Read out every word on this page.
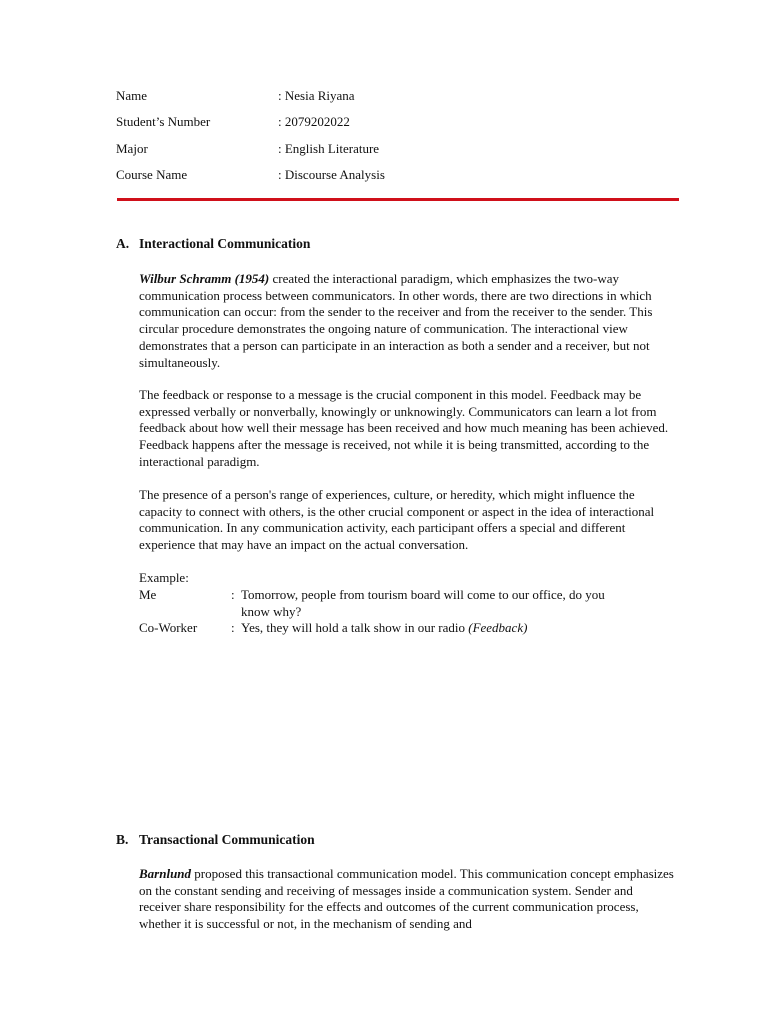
Name	: Nesia Riyana
Student’s Number	: 2079202022
Major	: English Literature
Course Name	: Discourse Analysis
A. Interactional Communication

Wilbur Schramm (1954) created the interactional paradigm, which emphasizes the two-way communication process between communicators. In other words, there are two directions in which communication can occur: from the sender to the receiver and from the receiver to the sender. This circular procedure demonstrates the ongoing nature of communication. The interactional view demonstrates that a person can participate in an interaction as both a sender and a receiver, but not simultaneously.

The feedback or response to a message is the crucial component in this model. Feedback may be expressed verbally or nonverbally, knowingly or unknowingly. Communicators can learn a lot from feedback about how well their message has been received and how much meaning has been achieved. Feedback happens after the message is received, not while it is being transmitted, according to the interactional paradigm.

The presence of a person's range of experiences, culture, or heredity, which might influence the capacity to connect with others, is the other crucial component or aspect in the idea of interactional communication. In any communication activity, each participant offers a special and different experience that may have an impact on the actual conversation.

Example:
Me	: Tomorrow, people from tourism board will come to our office, do you
know why?
Co-Worker	: Yes, they will hold a talk show in our radio (Feedback)
B. Transactional Communication

Barnlund proposed this transactional communication model. This communication concept emphasizes on the constant sending and receiving of messages inside a communication system. Sender and receiver share responsibility for the effects and outcomes of the current communication process, whether it is successful or not, in the mechanism of sending and
